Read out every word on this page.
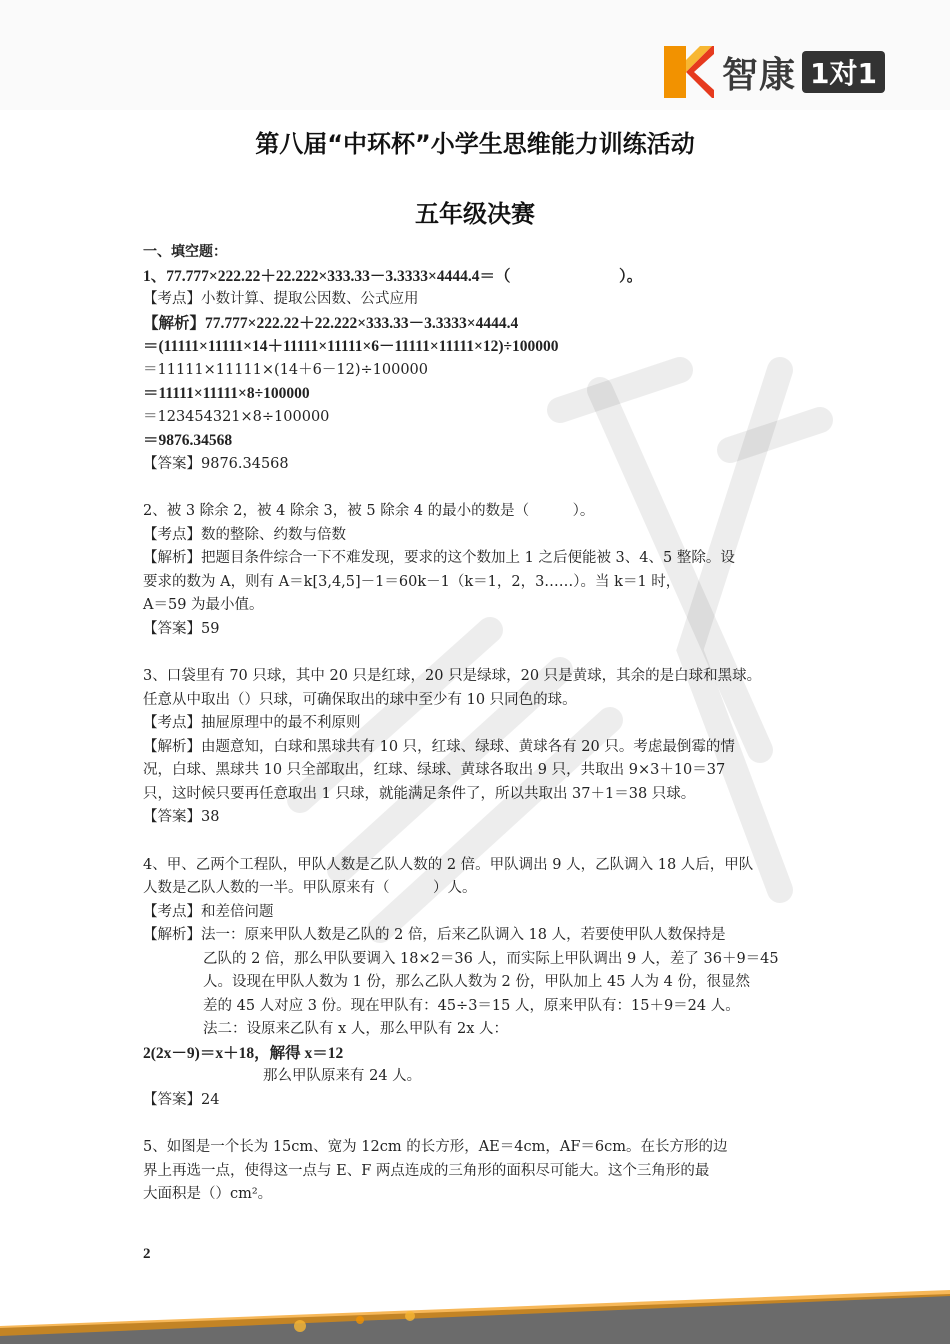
智康 1对1
第八届“中环杯”小学生思维能力训练活动
五年级决赛

一、填空题：

1、77.777×222.22＋22.222×333.33－3.3333×4444.4＝（　　　　　　　）。

【考点】小数计算、提取公因数、公式应用

【解析】77.777×222.22＋22.222×333.33－3.3333×4444.4

＝(11111×11111×14＋11111×11111×6－11111×11111×12)÷100000

＝11111×11111×(14＋6－12)÷100000

＝11111×11111×8÷100000

＝123454321×8÷100000

＝9876.34568

【答案】9876.34568

2、被 3 除余 2，被 4 除余 3，被 5 除余 4 的最小的数是（　　　）。

【考点】数的整除、约数与倍数

【解析】把题目条件综合一下不难发现，要求的这个数加上 1 之后便能被 3、4、5 整除。设

要求的数为 A，则有 A＝k[3,4,5]－1＝60k－1（k＝1，2，3……）。当 k＝1 时，

A＝59 为最小值。

【答案】59

3、口袋里有 70 只球，其中 20 只是红球，20 只是绿球，20 只是黄球，其余的是白球和黑球。

任意从中取出（）只球，可确保取出的球中至少有 10 只同色的球。

【考点】抽屉原理中的最不利原则

【解析】由题意知，白球和黑球共有 10 只，红球、绿球、黄球各有 20 只。考虑最倒霉的情

况，白球、黑球共 10 只全部取出，红球、绿球、黄球各取出 9 只，共取出 9×3＋10＝37

只，这时候只要再任意取出 1 只球，就能满足条件了，所以共取出 37＋1＝38 只球。

【答案】38

4、甲、乙两个工程队，甲队人数是乙队人数的 2 倍。甲队调出 9 人，乙队调入 18 人后，甲队

人数是乙队人数的一半。甲队原来有（　　　）人。

【考点】和差倍问题

【解析】法一：原来甲队人数是乙队的 2 倍，后来乙队调入 18 人，若要使甲队人数保持是

乙队的 2 倍，那么甲队要调入 18×2＝36 人，而实际上甲队调出 9 人，差了 36＋9＝45

人。设现在甲队人数为 1 份，那么乙队人数为 2 份，甲队加上 45 人为 4 份，很显然

差的 45 人对应 3 份。现在甲队有：45÷3＝15 人，原来甲队有：15＋9＝24 人。

法二：设原来乙队有 x 人，那么甲队有 2x 人：

2(2x－9)＝x＋18，解得 x＝12

那么甲队原来有 24 人。

【答案】24

5、如图是一个长为 15cm、宽为 12cm 的长方形，AE＝4cm，AF＝6cm。在长方形的边

界上再选一点，使得这一点与 E、F 两点连成的三角形的面积尽可能大。这个三角形的最

大面积是（）cm²。

2
